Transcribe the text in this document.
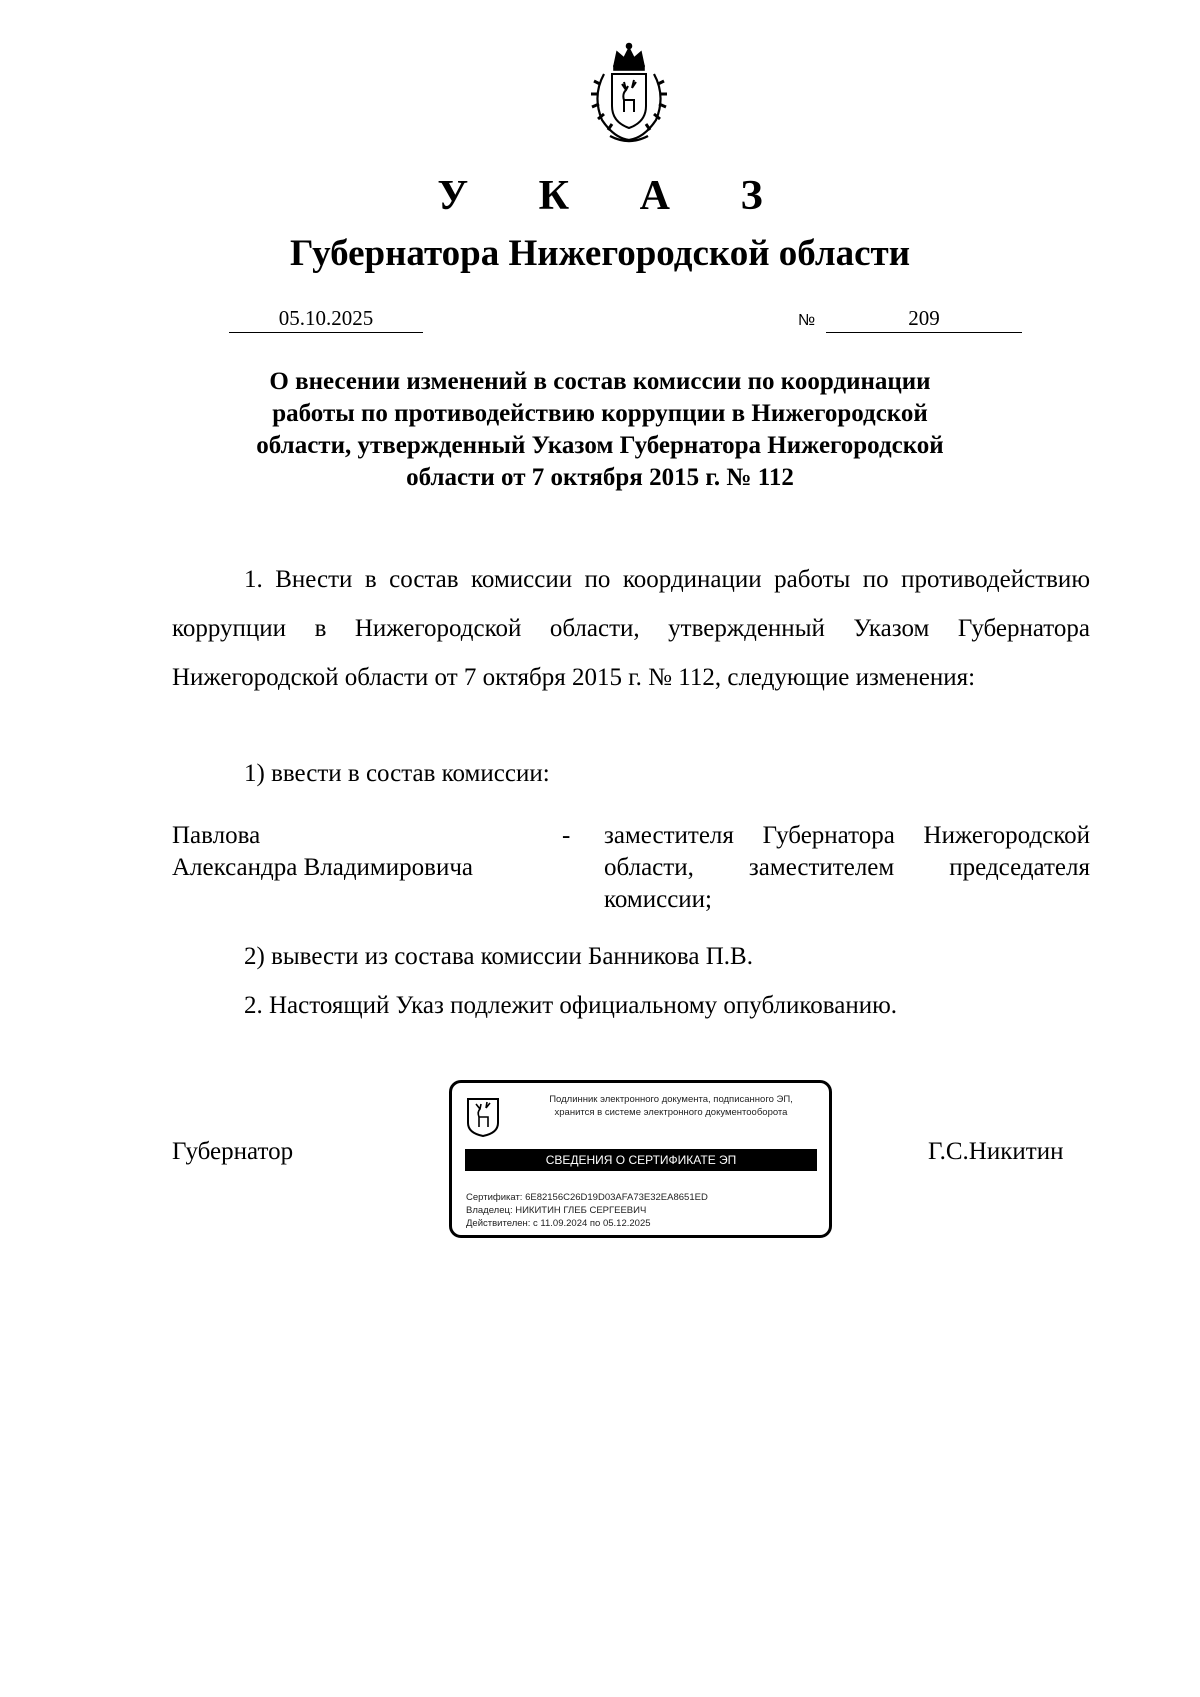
У К А З
Губернатора Нижегородской области
05.10.2025	№	209
О внесении изменений в состав комиссии по координации
работы по противодействию коррупции в Нижегородской
области, утвержденный Указом Губернатора Нижегородской
области от 7 октября 2015 г. № 112
1. Внести в состав комиссии по координации работы по противодействию коррупции в Нижегородской области, утвержденный Указом Губернатора Нижегородской области от 7 октября 2015 г. № 112, следующие изменения:
1) ввести в состав комиссии:
Павлова
Александра Владимировича
- заместителя Губернатора Нижегородской области, заместителем председателя комиссии;
2) вывести из состава комиссии Банникова П.В.
2. Настоящий Указ подлежит официальному опубликованию.
Губернатор	Г.С.Никитин
Подлинник электронного документа, подписанного ЭП,
хранится в системе электронного документооборота
СВЕДЕНИЯ О СЕРТИФИКАТЕ ЭП
Сертификат: 6E82156C26D19D03AFA73E32EA8651ED
Владелец: НИКИТИН ГЛЕБ СЕРГЕЕВИЧ
Действителен: с 11.09.2024 по 05.12.2025
